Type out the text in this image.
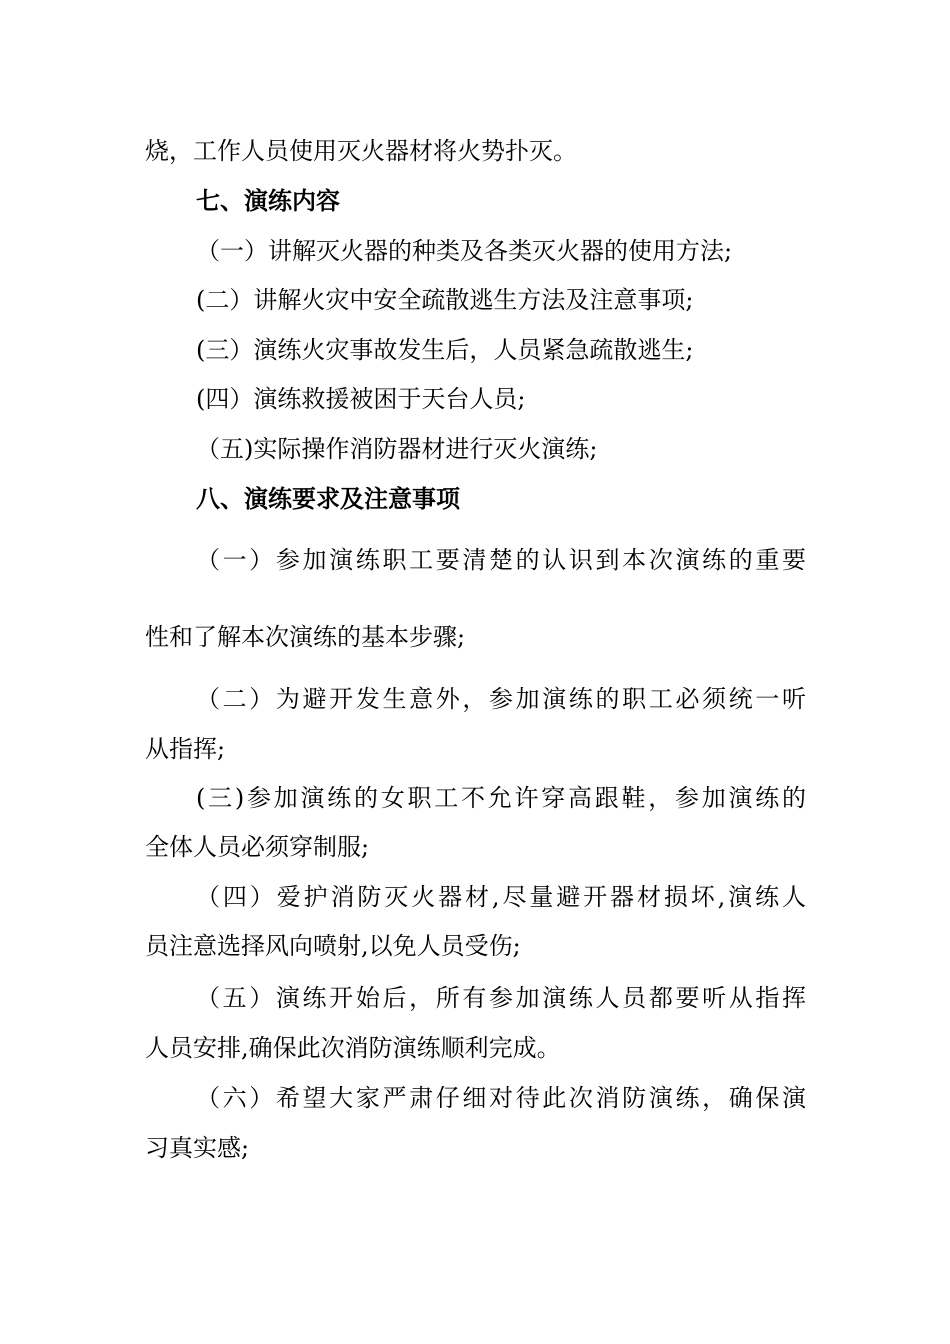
烧，工作人员使用灭火器材将火势扑灭。
七、演练内容
（一）讲解灭火器的种类及各类灭火器的使用方法;
(二）讲解火灾中安全疏散逃生方法及注意事项;
(三）演练火灾事故发生后，人员紧急疏散逃生;
(四）演练救援被困于天台人员;
（五)实际操作消防器材进行灭火演练;
八、演练要求及注意事项
（一）参加演练职工要清楚的认识到本次演练的重要
性和了解本次演练的基本步骤;
（二）为避开发生意外，参加演练的职工必须统一听
从指挥;
(三)参加演练的女职工不允许穿高跟鞋，参加演练的
全体人员必须穿制服;
（四）爱护消防灭火器材,尽量避开器材损坏,演练人
员注意选择风向喷射,以免人员受伤;
（五）演练开始后，所有参加演练人员都要听从指挥
人员安排,确保此次消防演练顺利完成。
（六）希望大家严肃仔细对待此次消防演练，确保演
习真实感;
